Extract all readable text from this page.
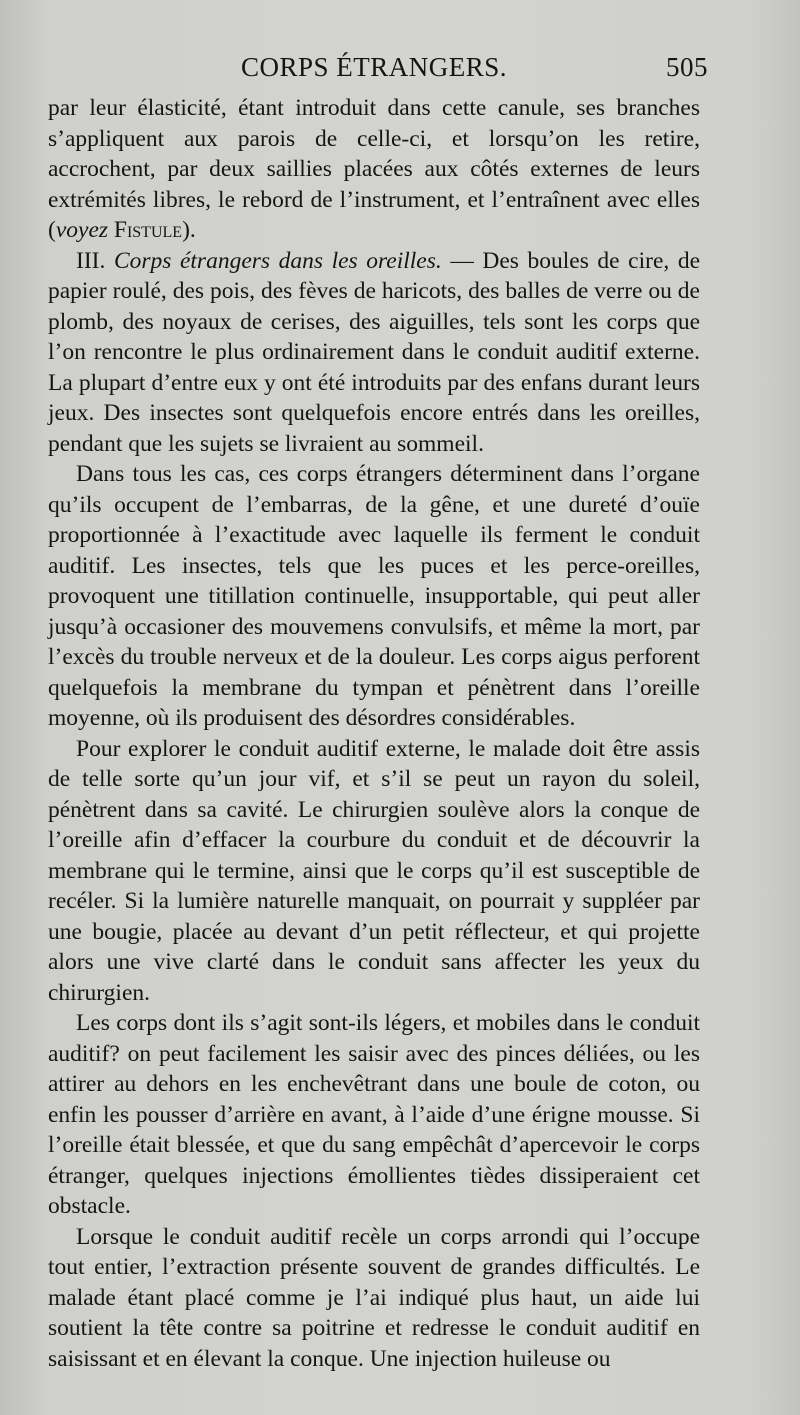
CORPS ÉTRANGERS.	505

par leur élasticité, étant introduit dans cette canule, ses branches s’appliquent aux parois de celle-ci, et lorsqu’on les retire, accrochent, par deux saillies placées aux côtés externes de leurs extrémités libres, le rebord de l’instrument, et l’entraînent avec elles (voyez Fistule).

III. Corps étrangers dans les oreilles. — Des boules de cire, de papier roulé, des pois, des fèves de haricots, des balles de verre ou de plomb, des noyaux de cerises, des aiguilles, tels sont les corps que l’on rencontre le plus ordinairement dans le conduit auditif externe. La plupart d’entre eux y ont été introduits par des enfans durant leurs jeux. Des insectes sont quelquefois encore entrés dans les oreilles, pendant que les sujets se livraient au sommeil.

Dans tous les cas, ces corps étrangers déterminent dans l’organe qu’ils occupent de l’embarras, de la gêne, et une dureté d’ouïe proportionnée à l’exactitude avec laquelle ils ferment le conduit auditif. Les insectes, tels que les puces et les perce-oreilles, provoquent une titillation continuelle, insupportable, qui peut aller jusqu’à occasioner des mouvemens convulsifs, et même la mort, par l’excès du trouble nerveux et de la douleur. Les corps aigus perforent quelquefois la membrane du tympan et pénètrent dans l’oreille moyenne, où ils produisent des désordres considérables.

Pour explorer le conduit auditif externe, le malade doit être assis de telle sorte qu’un jour vif, et s’il se peut un rayon du soleil, pénètrent dans sa cavité. Le chirurgien soulève alors la conque de l’oreille afin d’effacer la courbure du conduit et de découvrir la membrane qui le termine, ainsi que le corps qu’il est susceptible de recéler. Si la lumière naturelle manquait, on pourrait y suppléer par une bougie, placée au devant d’un petit réflecteur, et qui projette alors une vive clarté dans le conduit sans affecter les yeux du chirurgien.

Les corps dont ils s’agit sont-ils légers, et mobiles dans le conduit auditif? on peut facilement les saisir avec des pinces déliées, ou les attirer au dehors en les enchevêtrant dans une boule de coton, ou enfin les pousser d’arrière en avant, à l’aide d’une érigne mousse. Si l’oreille était blessée, et que du sang empêchât d’apercevoir le corps étranger, quelques injections émollientes tièdes dissiperaient cet obstacle.

Lorsque le conduit auditif recèle un corps arrondi qui l’occupe tout entier, l’extraction présente souvent de grandes difficultés. Le malade étant placé comme je l’ai indiqué plus haut, un aide lui soutient la tête contre sa poitrine et redresse le conduit auditif en saisissant et en élevant la conque. Une injection huileuse ou
